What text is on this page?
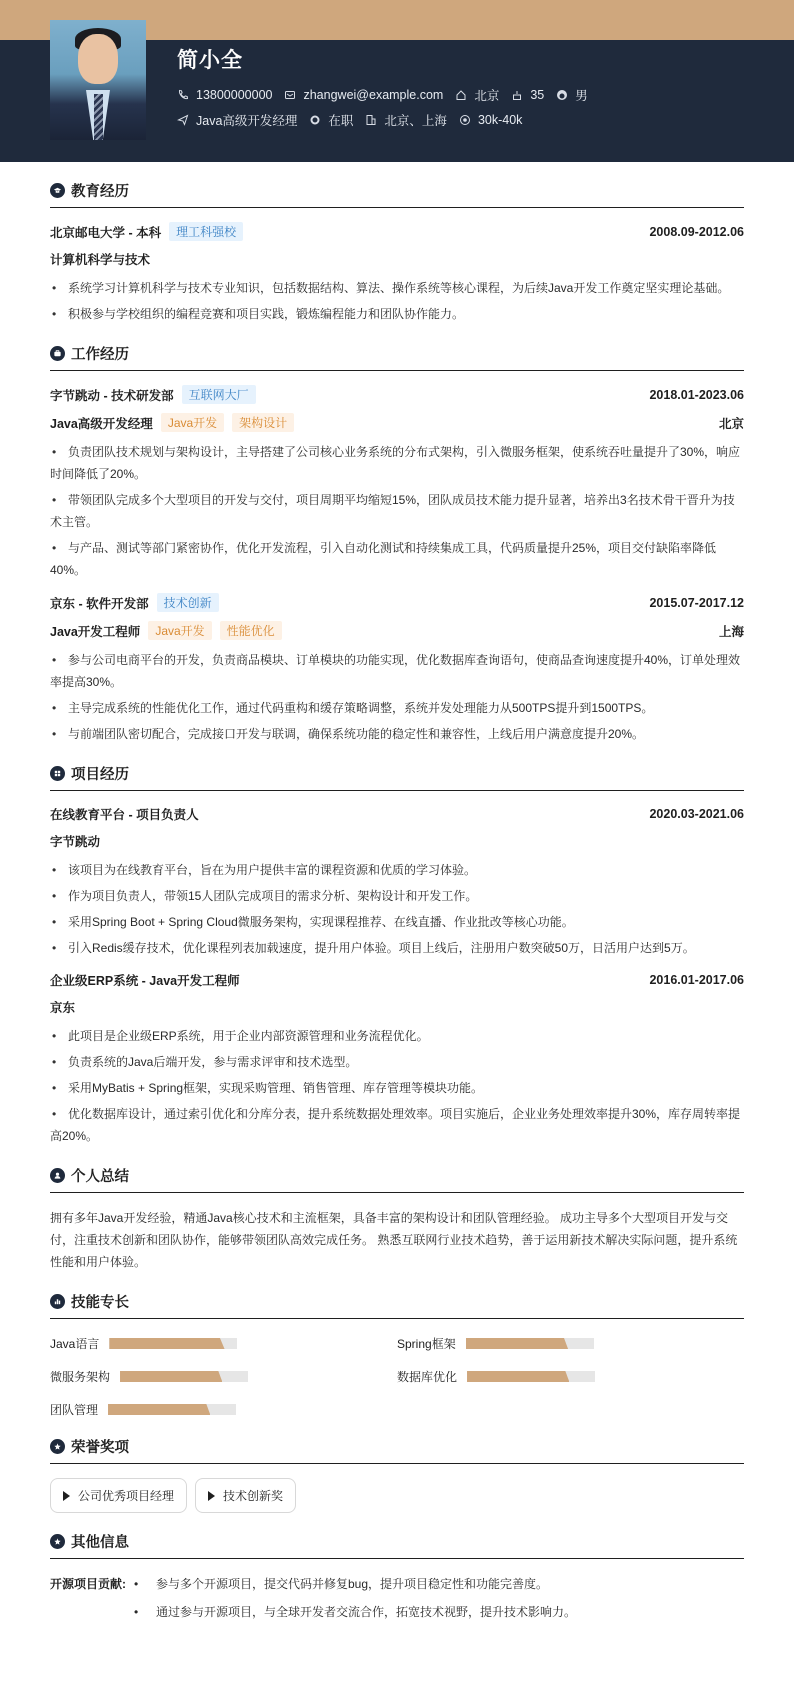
简小全
13800000000 zhangwei@example.com 北京 35 男
Java高级开发经理 在职 北京、上海 30k-40k
教育经历
北京邮电大学 - 本科	理工科强校	2008.09-2012.06
计算机科学与技术
• 系统学习计算机科学与技术专业知识，包括数据结构、算法、操作系统等核心课程，为后续Java开发工作奠定坚实理论基础。
• 积极参与学校组织的编程竞赛和项目实践，锻炼编程能力和团队协作能力。
工作经历
字节跳动 - 技术研发部	互联网大厂	2018.01-2023.06
Java高级开发经理	Java开发	架构设计	北京
• 负责团队技术规划与架构设计，主导搭建了公司核心业务系统的分布式架构，引入微服务框架，使系统吞吐量提升了30%，响应时间降低了20%。
• 带领团队完成多个大型项目的开发与交付，项目周期平均缩短15%，团队成员技术能力提升显著，培养出3名技术骨干晋升为技术主管。
• 与产品、测试等部门紧密协作，优化开发流程，引入自动化测试和持续集成工具，代码质量提升25%，项目交付缺陷率降低40%。
京东 - 软件开发部	技术创新	2015.07-2017.12
Java开发工程师	Java开发	性能优化	上海
• 参与公司电商平台的开发，负责商品模块、订单模块的功能实现，优化数据库查询语句，使商品查询速度提升40%，订单处理效率提高30%。
• 主导完成系统的性能优化工作，通过代码重构和缓存策略调整，系统并发处理能力从500TPS提升到1500TPS。
• 与前端团队密切配合，完成接口开发与联调，确保系统功能的稳定性和兼容性，上线后用户满意度提升20%。
项目经历
在线教育平台 - 项目负责人	2020.03-2021.06
字节跳动
• 该项目为在线教育平台，旨在为用户提供丰富的课程资源和优质的学习体验。
• 作为项目负责人，带领15人团队完成项目的需求分析、架构设计和开发工作。
• 采用Spring Boot + Spring Cloud微服务架构，实现课程推荐、在线直播、作业批改等核心功能。
• 引入Redis缓存技术，优化课程列表加载速度，提升用户体验。项目上线后，注册用户数突破50万，日活用户达到5万。
企业级ERP系统 - Java开发工程师	2016.01-2017.06
京东
• 此项目是企业级ERP系统，用于企业内部资源管理和业务流程优化。
• 负责系统的Java后端开发，参与需求评审和技术选型。
• 采用MyBatis + Spring框架，实现采购管理、销售管理、库存管理等模块功能。
• 优化数据库设计，通过索引优化和分库分表，提升系统数据处理效率。项目实施后，企业业务处理效率提升30%，库存周转率提高20%。
个人总结

拥有多年Java开发经验，精通Java核心技术和主流框架，具备丰富的架构设计和团队管理经验。 成功主导多个大型项目开发与交付，注重技术创新和团队协作，能够带领团队高效完成任务。 熟悉互联网行业技术趋势，善于运用新技术解决实际问题，提升系统性能和用户体验。

技能专长
Java语言	Spring框架
微服务架构	数据库优化
团队管理
荣誉奖项
公司优秀项目经理	技术创新奖
其他信息
开源项目贡献:	• 参与多个开源项目，提交代码并修复bug，提升项目稳定性和功能完善度。
• 通过参与开源项目，与全球开发者交流合作，拓宽技术视野，提升技术影响力。
